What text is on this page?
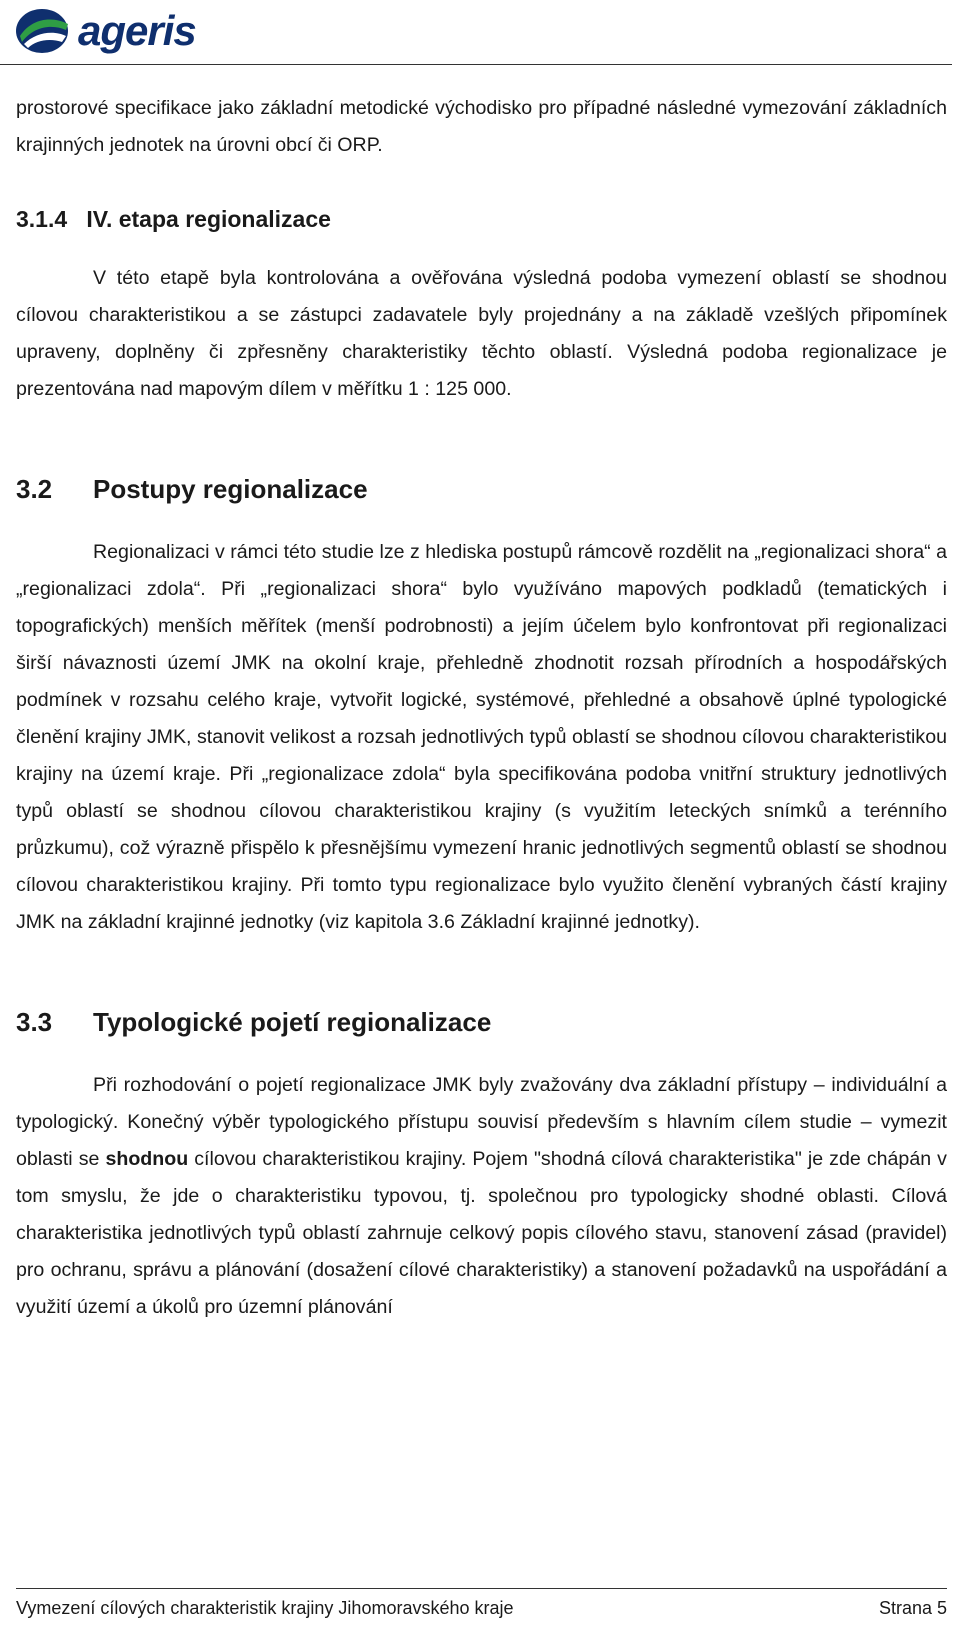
ageris

prostorové specifikace jako základní metodické východisko pro případné následné vymezování základních krajinných jednotek na úrovni obcí či ORP.

3.1.4   IV. etapa regionalizace

V této etapě byla kontrolována a ověřována výsledná podoba vymezení oblastí se shodnou cílovou charakteristikou a se zástupci zadavatele byly projednány a na základě vzešlých připomínek upraveny, doplněny či zpřesněny charakteristiky těchto oblastí. Výsledná podoba regionalizace je prezentována nad mapovým dílem v měřítku 1 : 125 000.

3.2	Postupy regionalizace

Regionalizaci v rámci této studie lze z hlediska postupů rámcově rozdělit na „regionalizaci shora“ a „regionalizaci zdola“. Při „regionalizaci shora“ bylo využíváno mapových podkladů (tematických i topografických) menších měřítek (menší podrobnosti) a jejím účelem bylo konfrontovat při regionalizaci širší návaznosti území JMK na okolní kraje, přehledně zhodnotit rozsah přírodních a hospodářských podmínek v rozsahu celého kraje, vytvořit logické, systémové, přehledné a obsahově úplné typologické členění krajiny JMK, stanovit velikost a rozsah jednotlivých typů oblastí se shodnou cílovou charakteristikou krajiny na území kraje. Při „regionalizace zdola“ byla specifikována podoba vnitřní struktury jednotlivých typů oblastí se shodnou cílovou charakteristikou krajiny (s využitím leteckých snímků a terénního průzkumu), což výrazně přispělo k přesnějšímu vymezení hranic jednotlivých segmentů oblastí se shodnou cílovou charakteristikou krajiny. Při tomto typu regionalizace bylo využito členění vybraných částí krajiny JMK na základní krajinné jednotky (viz kapitola 3.6 Základní krajinné jednotky).

3.3	Typologické pojetí regionalizace

Při rozhodování o pojetí regionalizace JMK byly zvažovány dva základní přístupy – individuální a typologický. Konečný výběr typologického přístupu souvisí především s hlavním cílem studie – vymezit oblasti se shodnou cílovou charakteristikou krajiny. Pojem "shodná cílová charakteristika" je zde chápán v tom smyslu, že jde o charakteristiku typovou, tj. společnou pro typologicky shodné oblasti. Cílová charakteristika jednotlivých typů oblastí zahrnuje celkový popis cílového stavu, stanovení zásad (pravidel) pro ochranu, správu a plánování (dosažení cílové charakteristiky) a stanovení požadavků na uspořádání a využití území a úkolů pro územní plánování

Vymezení cílových charakteristik krajiny Jihomoravského kraje	Strana 5
